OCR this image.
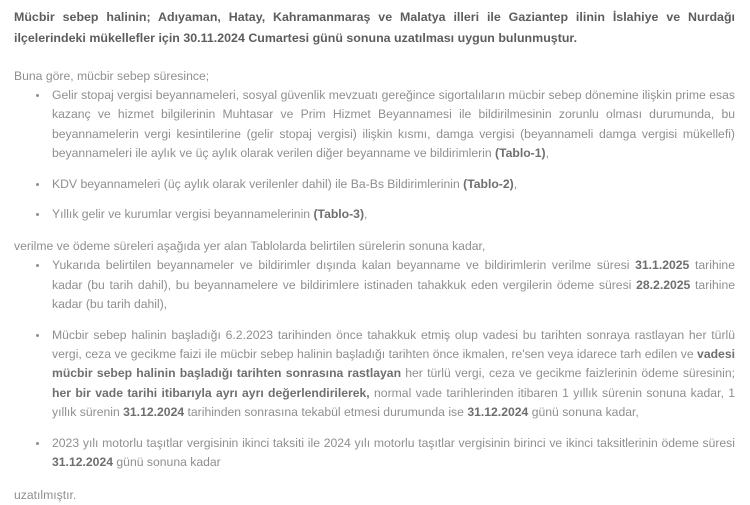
Mücbir sebep halinin; Adıyaman, Hatay, Kahramanmaraş ve Malatya illeri ile Gaziantep ilinin İslahiye ve Nurdağı ilçelerindeki mükellefler için 30.11.2024 Cumartesi günü sonuna uzatılması uygun bulunmuştur.

Buna göre, mücbir sebep süresince;

Gelir stopaj vergisi beyannameleri, sosyal güvenlik mevzuatı gereğince sigortalıların mücbir sebep dönemine ilişkin prime esas kazanç ve hizmet bilgilerinin Muhtasar ve Prim Hizmet Beyannamesi ile bildirilmesinin zorunlu olması durumunda, bu beyannamelerin vergi kesintilerine (gelir stopaj vergisi) ilişkin kısmı, damga vergisi (beyannameli damga vergisi mükellefi) beyannameleri ile aylık ve üç aylık olarak verilen diğer beyanname ve bildirimlerin (Tablo-1),
KDV beyannameleri (üç aylık olarak verilenler dahil) ile Ba-Bs Bildirimlerinin (Tablo-2),
Yıllık gelir ve kurumlar vergisi beyannamelerinin (Tablo-3),

verilme ve ödeme süreleri aşağıda yer alan Tablolarda belirtilen sürelerin sonuna kadar,

Yukarıda belirtilen beyannameler ve bildirimler dışında kalan beyanname ve bildirimlerin verilme süresi 31.1.2025 tarihine kadar (bu tarih dahil), bu beyannamelere ve bildirimlere istinaden tahakkuk eden vergilerin ödeme süresi 28.2.2025 tarihine kadar (bu tarih dahil),
Mücbir sebep halinin başladığı 6.2.2023 tarihinden önce tahakkuk etmiş olup vadesi bu tarihten sonraya rastlayan her türlü vergi, ceza ve gecikme faizi ile mücbir sebep halinin başladığı tarihten önce ikmalen, re'sen veya idarece tarh edilen ve vadesi mücbir sebep halinin başladığı tarihten sonrasına rastlayan her türlü vergi, ceza ve gecikme faizlerinin ödeme süresinin; her bir vade tarihi itibarıyla ayrı ayrı değerlendirilerek, normal vade tarihlerinden itibaren 1 yıllık sürenin sonuna kadar, 1 yıllık sürenin 31.12.2024 tarihinden sonrasına tekabül etmesi durumunda ise 31.12.2024 günü sonuna kadar,
2023 yılı motorlu taşıtlar vergisinin ikinci taksiti ile 2024 yılı motorlu taşıtlar vergisinin birinci ve ikinci taksitlerinin ödeme süresi 31.12.2024 günü sonuna kadar

uzatılmıştır.
